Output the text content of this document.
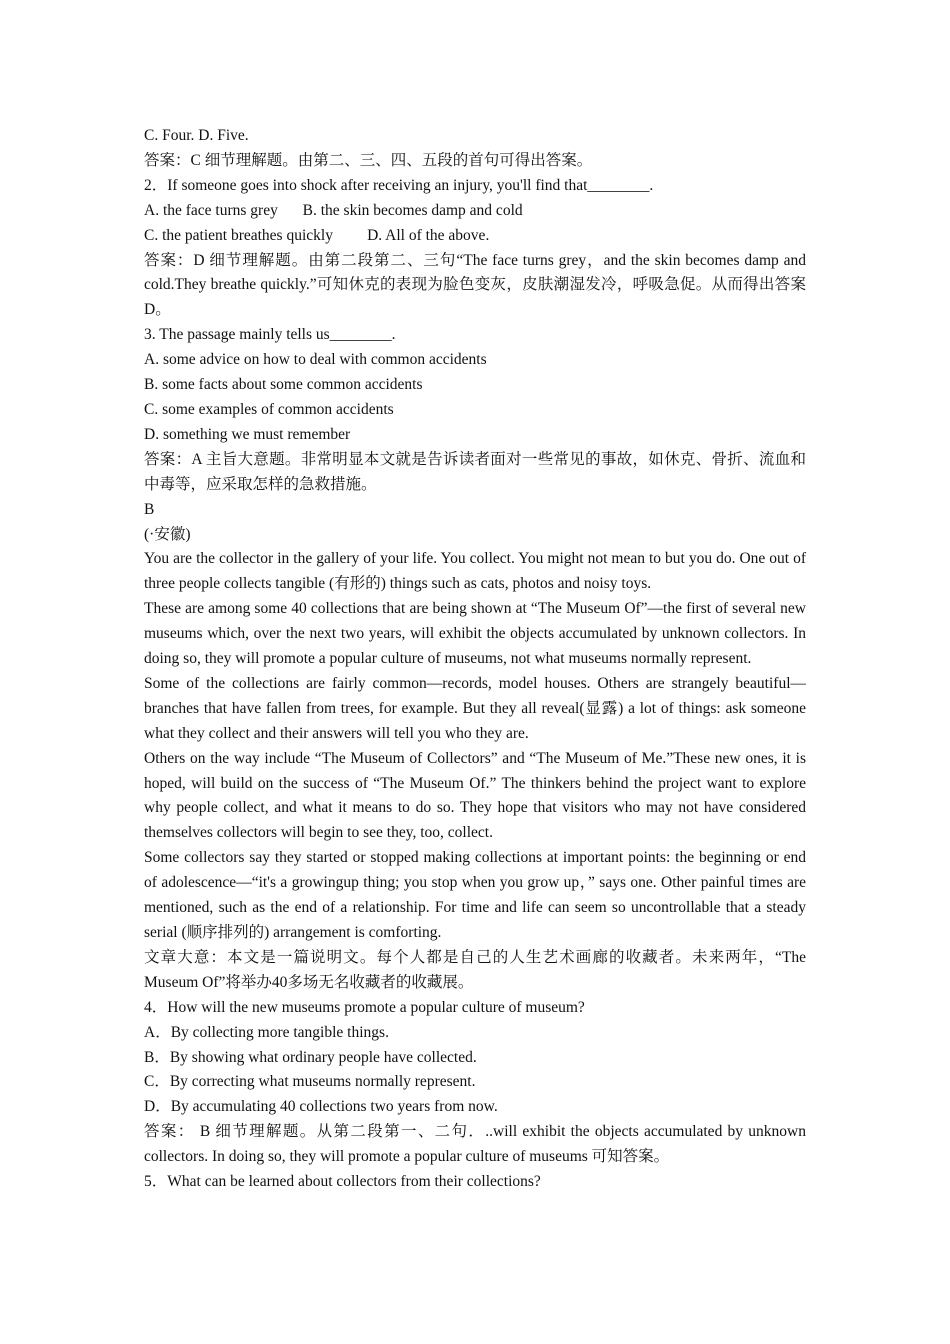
C. Four. D. Five.
答案：C 细节理解题。由第二、三、四、五段的首句可得出答案。
2．If someone goes into shock after receiving an injury, you'll find that________.
A. the face turns grey B. the skin becomes damp and cold
C. the patient breathes quickly D. All of the above.
答案：D 细节理解题。由第二段第二、三句“The face turns grey，and the skin becomes damp and cold.They breathe quickly.”可知休克的表现为脸色变灰，皮肤潮湿发冷，呼吸急促。从而得出答案D。
3. The passage mainly tells us________.
A. some advice on how to deal with common accidents
B. some facts about some common accidents
C. some examples of common accidents
D. something we must remember
答案：A 主旨大意题。非常明显本文就是告诉读者面对一些常见的事故，如休克、骨折、流血和中毒等，应采取怎样的急救措施。
B
(·安徽)
You are the collector in the gallery of your life. You collect. You might not mean to but you do. One out of three people collects tangible (有形的) things such as cats, photos and noisy toys.
These are among some 40 collections that are being shown at “The Museum Of”—the first of several new museums which, over the next two years, will exhibit the objects accumulated by unknown collectors. In doing so, they will promote a popular culture of museums, not what museums normally represent.
Some of the collections are fairly common—records, model houses. Others are strangely beautiful—branches that have fallen from trees, for example. But they all reveal(显露) a lot of things: ask someone what they collect and their answers will tell you who they are.
Others on the way include “The Museum of Collectors” and “The Museum of Me.”These new ones, it is hoped, will build on the success of “The Museum Of.” The thinkers behind the project want to explore why people collect, and what it means to do so. They hope that visitors who may not have considered themselves collectors will begin to see they, too, collect.
Some collectors say they started or stopped making collections at important points: the beginning or end of adolescence—“it's a growingup thing; you stop when you grow up，” says one. Other painful times are mentioned, such as the end of a relationship. For time and life can seem so uncontrollable that a steady serial (顺序排列的) arrangement is comforting.
文章大意：本文是一篇说明文。每个人都是自己的人生艺术画廊的收藏者。未来两年，“The Museum Of”将举办40多场无名收藏者的收藏展。
4．How will the new museums promote a popular culture of museum?
A．By collecting more tangible things.
B．By showing what ordinary people have collected.
C．By correcting what museums normally represent.
D．By accumulating 40 collections two years from now.
答案： B 细节理解题。从第二段第一、二句．..will exhibit the objects accumulated by unknown collectors. In doing so, they will promote a popular culture of museums 可知答案。
5．What can be learned about collectors from their collections?
